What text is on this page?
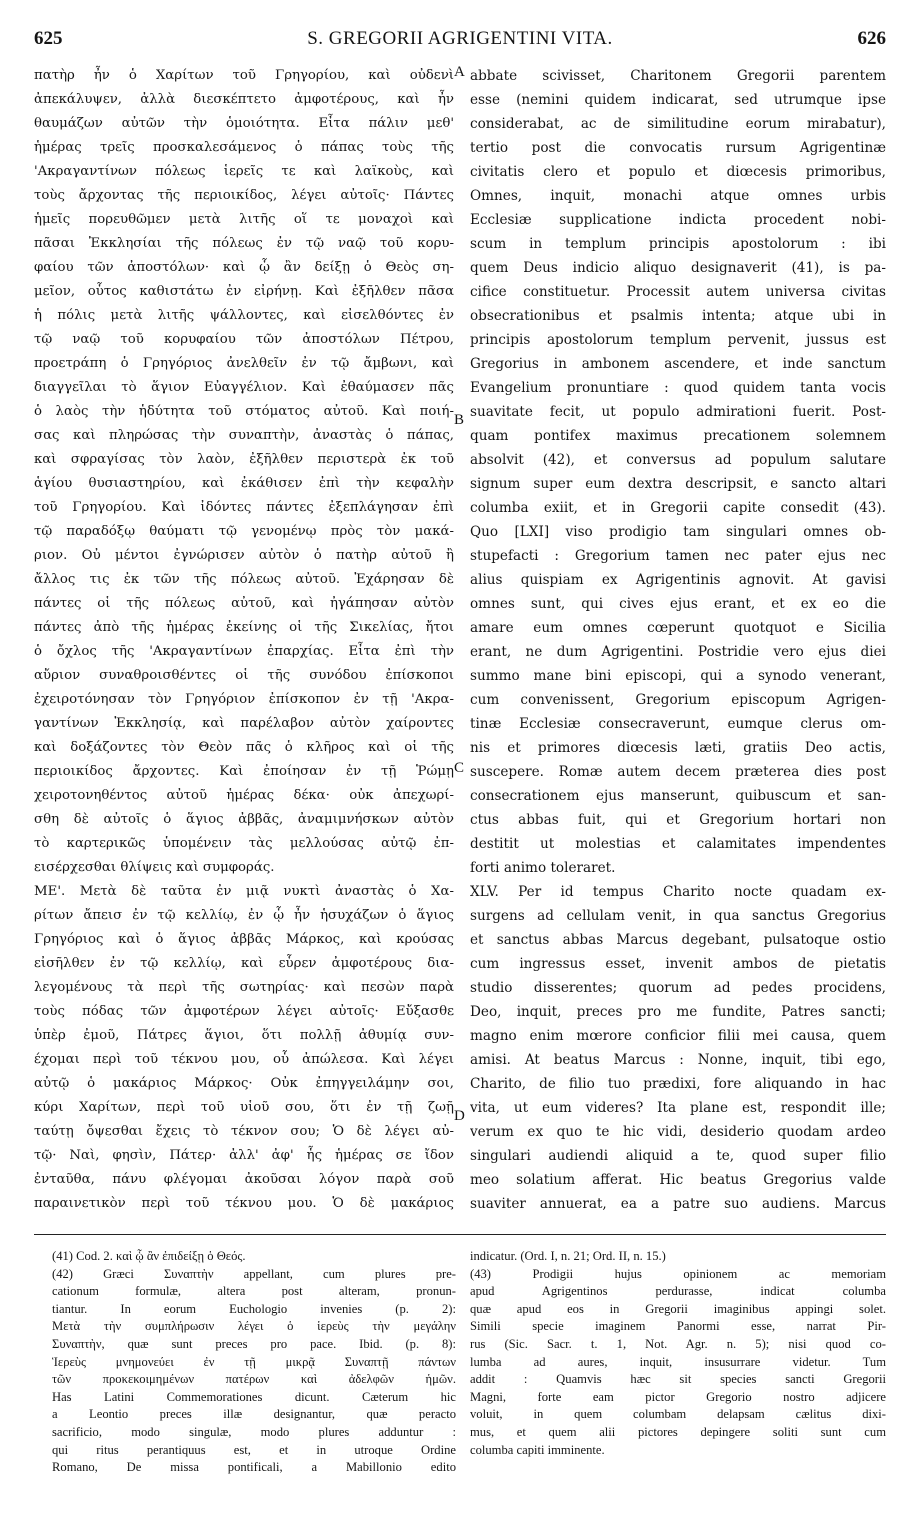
625	S. GREGORII AGRIGENTINI VITA.	626
πατὴρ ἦν ὁ Χαρίτων τοῦ Γρηγορίου, καὶ οὐδενὶ
ἀπεκάλυψεν, ἀλλὰ διεσκέπτετο ἀμφοτέρους, καὶ ἦν
θαυμάζων αὐτῶν τὴν ὁμοιότητα. Εἶτα πάλιν μεθ'
ἡμέρας τρεῖς προσκαλεσάμενος ὁ πάπας τοὺς τῆς
'Ακραγαντίνων πόλεως ἱερεῖς τε καὶ λαϊκοὺς, καὶ
τοὺς ἄρχοντας τῆς περιοικίδος, λέγει αὐτοῖς· Πάντες
ἡμεῖς πορευθῶμεν μετὰ λιτῆς οἵ τε μοναχοὶ καὶ
πᾶσαι Ἐκκλησίαι τῆς πόλεως ἐν τῷ ναῷ τοῦ κορυ-
φαίου τῶν ἀποστόλων· καὶ ᾧ ἂν δείξῃ ὁ Θεὸς ση-
μεῖον, οὗτος καθιστάτω ἐν εἰρήνῃ. Καὶ ἐξῆλθεν πᾶσα
ἡ πόλις μετὰ λιτῆς ψάλλοντες, καὶ εἰσελθόντες ἐν
τῷ ναῷ τοῦ κορυφαίου τῶν ἀποστόλων Πέτρου,
προετράπη ὁ Γρηγόριος ἀνελθεῖν ἐν τῷ ἄμβωνι, καὶ
διαγγεῖλαι τὸ ἅγιον Εὐαγγέλιον. Καὶ ἐθαύμασεν πᾶς
ὁ λαὸς τὴν ἡδύτητα τοῦ στόματος αὐτοῦ. Καὶ ποιή-
σας καὶ πληρώσας τὴν συναπτὴν, ἀναστὰς ὁ πάπας,
καὶ σφραγίσας τὸν λαὸν, ἐξῆλθεν περιστερὰ ἐκ τοῦ
ἁγίου θυσιαστηρίου, καὶ ἐκάθισεν ἐπὶ τὴν κεφαλὴν
τοῦ Γρηγορίου. Καὶ ἰδόντες πάντες ἐξεπλάγησαν ἐπὶ
τῷ παραδόξῳ θαύματι τῷ γενομένῳ πρὸς τὸν μακά-
ριον. Οὐ μέντοι ἐγνώρισεν αὐτὸν ὁ πατὴρ αὐτοῦ ἢ
ἄλλος τις ἐκ τῶν τῆς πόλεως αὐτοῦ. Ἐχάρησαν δὲ
πάντες οἱ τῆς πόλεως αὐτοῦ, καὶ ἠγάπησαν αὐτὸν
πάντες ἀπὸ τῆς ἡμέρας ἐκείνης οἱ τῆς Σικελίας, ἤτοι
ὁ ὄχλος τῆς 'Ακραγαντίνων ἐπαρχίας. Εἶτα ἐπὶ τὴν
αὔριον συναθροισθέντες οἱ τῆς συνόδου ἐπίσκοποι
ἐχειροτόνησαν τὸν Γρηγόριον ἐπίσκοπον ἐν τῇ 'Ακρα-
γαντίνων Ἐκκλησίᾳ, καὶ παρέλαβον αὐτὸν χαίροντες
καὶ δοξάζοντες τὸν Θεὸν πᾶς ὁ κλῆρος καὶ οἱ τῆς
περιοικίδος ἄρχοντες. Καὶ ἐποίησαν ἐν τῇ Ῥώμῃ
χειροτονηθέντος αὐτοῦ ἡμέρας δέκα· οὐκ ἀπεχωρί-
σθη δὲ αὐτοῖς ὁ ἅγιος ἀββᾶς, ἀναμιμνήσκων αὐτὸν
τὸ καρτερικῶς ὑπομένειν τὰς μελλούσας αὐτῷ ἐπ-
εισέρχεσθαι θλίψεις καὶ συμφοράς.
ΜΕ'. Μετὰ δὲ ταῦτα ἐν μιᾷ νυκτὶ ἀναστὰς ὁ Χα-
ρίτων ἄπεισ ἐν τῷ κελλίῳ, ἐν ᾧ ἦν ἡσυχάζων ὁ ἅγιος
Γρηγόριος καὶ ὁ ἅγιος ἀββᾶς Μάρκος, καὶ κρούσας
εἰσῆλθεν ἐν τῷ κελλίῳ, καὶ εὗρεν ἀμφοτέρους δια-
λεγομένους τὰ περὶ τῆς σωτηρίας· καὶ πεσὼν παρὰ
τοὺς πόδας τῶν ἀμφοτέρων λέγει αὐτοῖς· Εὔξασθε
ὑπὲρ ἐμοῦ, Πάτρες ἅγιοι, ὅτι πολλῇ ἀθυμίᾳ συν-
έχομαι περὶ τοῦ τέκνου μου, οὗ ἀπώλεσα. Καὶ λέγει
αὐτῷ ὁ μακάριος Μάρκος· Οὐκ ἐπηγγειλάμην σοι,
κύρι Χαρίτων, περὶ τοῦ υἱοῦ σου, ὅτι ἐν τῇ ζωῇ
ταύτῃ ὄψεσθαι ἔχεις τὸ τέκνον σου; Ὁ δὲ λέγει αὐ-
τῷ· Ναὶ, φησὶν, Πάτερ· ἀλλ' ἀφ' ἧς ἡμέρας σε ἴδον
ἐνταῦθα, πάνυ φλέγομαι ἀκοῦσαι λόγον παρὰ σοῦ
παραινετικὸν περὶ τοῦ τέκνου μου. Ὁ δὲ μακάριος
abbate scivisset, Charitonem Gregorii parentem
esse (nemini quidem indicarat, sed utrumque ipse
considerabat, ac de similitudine eorum mirabatur),
tertio post die convocatis rursum Agrigentinæ
civitatis clero et populo et diœcesis primoribus,
Omnes, inquit, monachi atque omnes urbis
Ecclesiæ supplicatione indicta procedent nobi-
scum in templum principis apostolorum : ibi
quem Deus indicio aliquo designaverit (41), is pa-
cifice constituetur. Processit autem universa civitas
obsecrationibus et psalmis intenta; atque ubi in
principis apostolorum templum pervenit, jussus est
Gregorius in ambonem ascendere, et inde sanctum
Evangelium pronuntiare : quod quidem tanta vocis
suavitate fecit, ut populo admirationi fuerit. Post-
quam pontifex maximus precationem solemnem
absolvit (42), et conversus ad populum salutare
signum super eum dextra descripsit, e sancto altari
columba exiit, et in Gregorii capite consedit (43).
Quo [LXI] viso prodigio tam singulari omnes ob-
stupefacti : Gregorium tamen nec pater ejus nec
alius quispiam ex Agrigentinis agnovit. At gavisi
omnes sunt, qui cives ejus erant, et ex eo die
amare eum omnes cœperunt quotquot e Sicilia
erant, ne dum Agrigentini. Postridie vero ejus diei
summo mane bini episcopi, qui a synodo venerant,
cum convenissent, Gregorium episcopum Agrigen-
tinæ Ecclesiæ consecraverunt, eumque clerus om-
nis et primores diœcesis læti, gratiis Deo actis,
suscepere. Romæ autem decem præterea dies post
consecrationem ejus manserunt, quibuscum et san-
ctus abbas fuit, qui et Gregorium hortari non
destitit ut molestias et calamitates impendentes
forti animo toleraret.
XLV. Per id tempus Charito nocte quadam ex-
surgens ad cellulam venit, in qua sanctus Gregorius
et sanctus abbas Marcus degebant, pulsatoque ostio
cum ingressus esset, invenit ambos de pietatis
studio disserentes; quorum ad pedes procidens,
Deo, inquit, preces pro me fundite, Patres sancti;
magno enim mœrore conficior filii mei causa, quem
amisi. At beatus Marcus : Nonne, inquit, tibi ego,
Charito, de filio tuo prædixi, fore aliquando in hac
vita, ut eum videres? Ita plane est, respondit ille;
verum ex quo te hic vidi, desiderio quodam ardeo
singulari audiendi aliquid a te, quod super filio
meo solatium afferat. Hic beatus Gregorius valde
suaviter annuerat, ea a patre suo audiens. Marcus
A
B
C
D
(41) Cod. 2. καὶ ᾧ ἂν ἐπιδείξῃ ὁ Θεός.
(42) Græci Συναπτὴν appellant, cum plures pre-
cationum formulæ, altera post alteram, pronun-
tiantur. In eorum Euchologio invenies (p. 2):
Μετὰ τὴν συμπλήρωσιν λέγει ὁ ἱερεὺς τὴν μεγάλην
Συναπτὴν, quæ sunt preces pro pace. Ibid. (p. 8):
Ἱερεὺς μνημονεύει ἐν τῇ μικρᾷ Συναπτῇ πάντων
τῶν προκεκοιμημένων πατέρων καὶ ἀδελφῶν ἡμῶν.
Has Latini Commemorationes dicunt. Cæterum hic
a Leontio preces illæ designantur, quæ peracto
sacrificio, modo singulæ, modo plures adduntur :
qui ritus perantiquus est, et in utroque Ordine
Romano, De missa pontificali, a Mabillonio edito
indicatur. (Ord. I, n. 21; Ord. II, n. 15.)
(43) Prodigii hujus opinionem ac memoriam
apud Agrigentinos perdurasse, indicat columba
quæ apud eos in Gregorii imaginibus appingi solet.
Simili specie imaginem Panormi esse, narrat Pir-
rus (Sic. Sacr. t. 1, Not. Agr. n. 5); nisi quod co-
lumba ad aures, inquit, insusurrare videtur. Tum
addit : Quamvis hæc sit species sancti Gregorii
Magni, forte eam pictor Gregorio nostro adjicere
voluit, in quem columbam delapsam cælitus dixi-
mus, et quem alii pictores depingere soliti sunt cum
columba capiti imminente.
